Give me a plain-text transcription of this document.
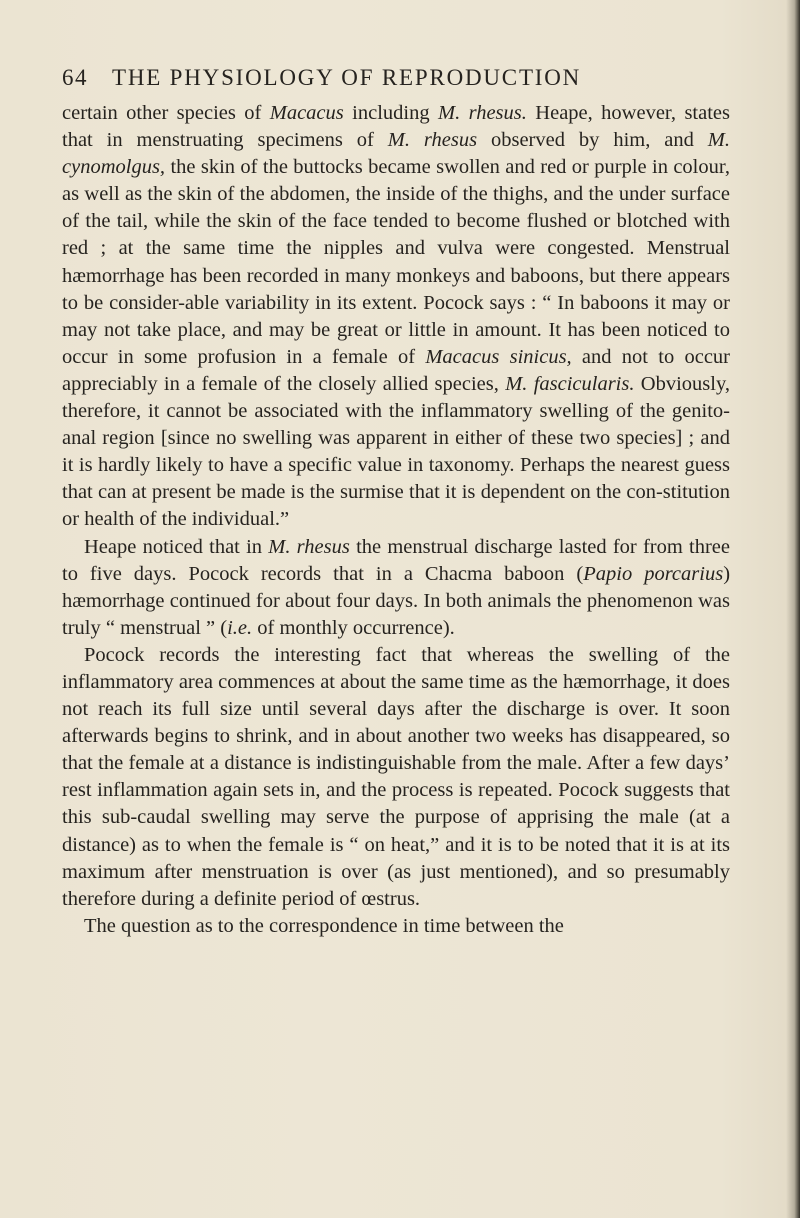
64 THE PHYSIOLOGY OF REPRODUCTION

certain other species of Macacus including M. rhesus. Heape, however, states that in menstruating specimens of M. rhesus observed by him, and M. cynomolgus, the skin of the buttocks became swollen and red or purple in colour, as well as the skin of the abdomen, the inside of the thighs, and the under surface of the tail, while the skin of the face tended to become flushed or blotched with red ; at the same time the nipples and vulva were congested. Menstrual hæmorrhage has been recorded in many monkeys and baboons, but there appears to be consider-able variability in its extent. Pocock says : “ In baboons it may or may not take place, and may be great or little in amount. It has been noticed to occur in some profusion in a female of Macacus sinicus, and not to occur appreciably in a female of the closely allied species, M. fascicularis. Obviously, therefore, it cannot be associated with the inflammatory swelling of the genito-anal region [since no swelling was apparent in either of these two species] ; and it is hardly likely to have a specific value in taxonomy. Perhaps the nearest guess that can at present be made is the surmise that it is dependent on the con-stitution or health of the individual.”

Heape noticed that in M. rhesus the menstrual discharge lasted for from three to five days. Pocock records that in a Chacma baboon (Papio porcarius) hæmorrhage continued for about four days. In both animals the phenomenon was truly “ menstrual ” (i.e. of monthly occurrence).

Pocock records the interesting fact that whereas the swelling of the inflammatory area commences at about the same time as the hæmorrhage, it does not reach its full size until several days after the discharge is over. It soon afterwards begins to shrink, and in about another two weeks has disappeared, so that the female at a distance is indistinguishable from the male. After a few days’ rest inflammation again sets in, and the process is repeated. Pocock suggests that this sub-caudal swelling may serve the purpose of apprising the male (at a distance) as to when the female is “ on heat,” and it is to be noted that it is at its maximum after menstruation is over (as just mentioned), and so presumably therefore during a definite period of œstrus.

The question as to the correspondence in time between the
